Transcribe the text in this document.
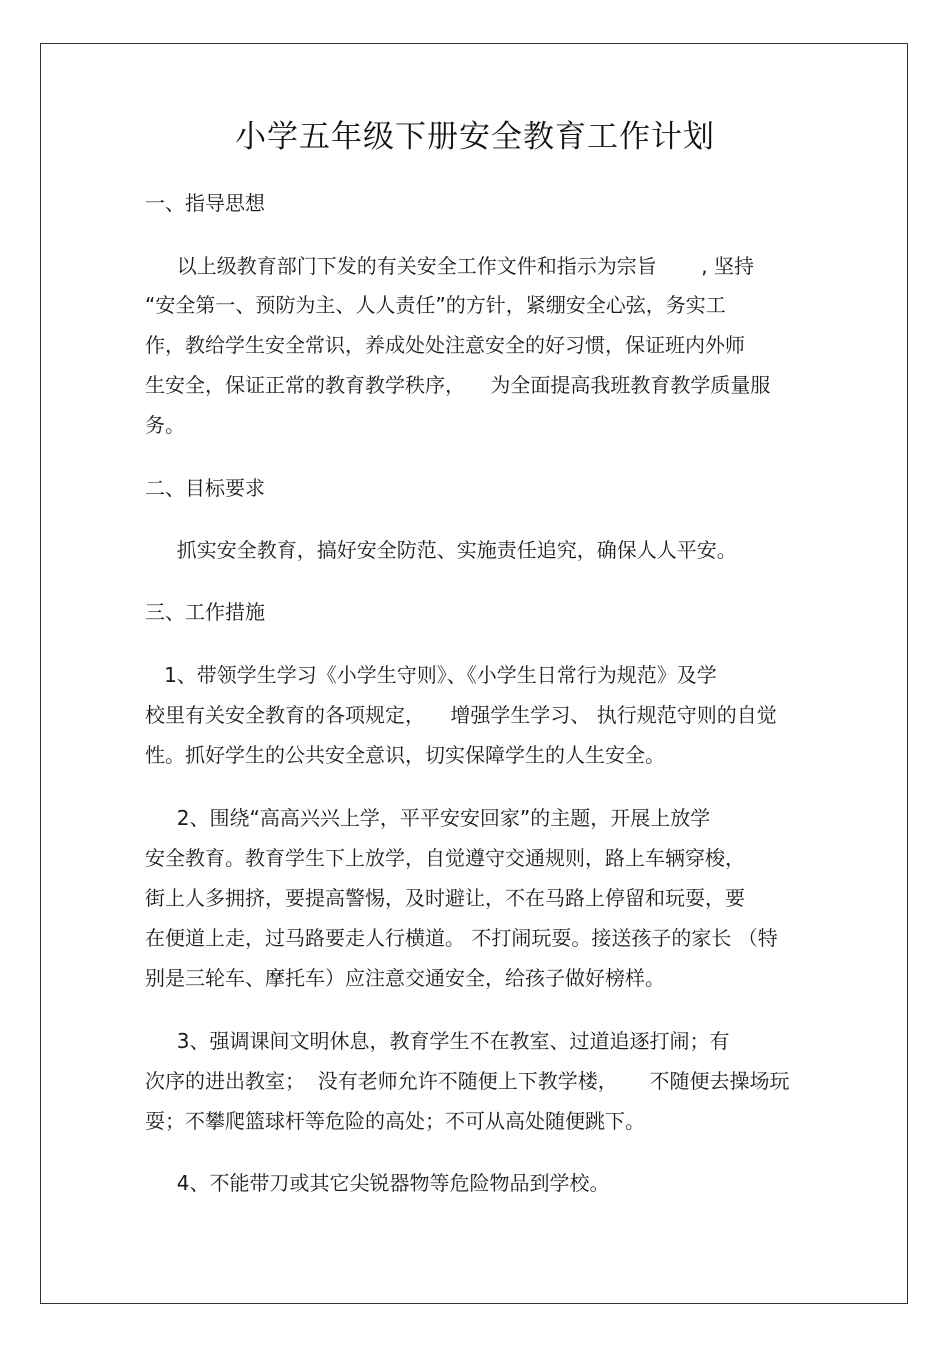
小学五年级下册安全教育工作计划

一、指导思想

以上级教育部门下发的有关安全工作文件和指示为宗旨       , 坚持

“安全第一、预防为主、人人责任”的方针，紧绷安全心弦，务实工

作，教给学生安全常识，养成处处注意安全的好习惯，保证班内外师

生安全，保证正常的教育教学秩序，    为全面提高我班教育教学质量服

务。

二、目标要求

抓实安全教育，搞好安全防范、实施责任追究，确保人人平安。

三、工作措施

1、带领学生学习《小学生守则》、《小学生日常行为规范》及学

校里有关安全教育的各项规定，    增强学生学习、 执行规范守则的自觉

性。抓好学生的公共安全意识，切实保障学生的人生安全。

2、围绕“高高兴兴上学，平平安安回家”的主题，开展上放学

安全教育。教育学生下上放学，自觉遵守交通规则，路上车辆穿梭，

街上人多拥挤，要提高警惕，及时避让，不在马路上停留和玩耍，要

在便道上走，过马路要走人行横道。 不打闹玩耍。接送孩子的家长 （特

别是三轮车、摩托车）应注意交通安全，给孩子做好榜样。

3、强调课间文明休息，教育学生不在教室、过道追逐打闹；有

次序的进出教室；  没有老师允许不随便上下教学楼，     不随便去操场玩

耍；不攀爬篮球杆等危险的高处；不可从高处随便跳下。

4、不能带刀或其它尖锐器物等危险物品到学校。
